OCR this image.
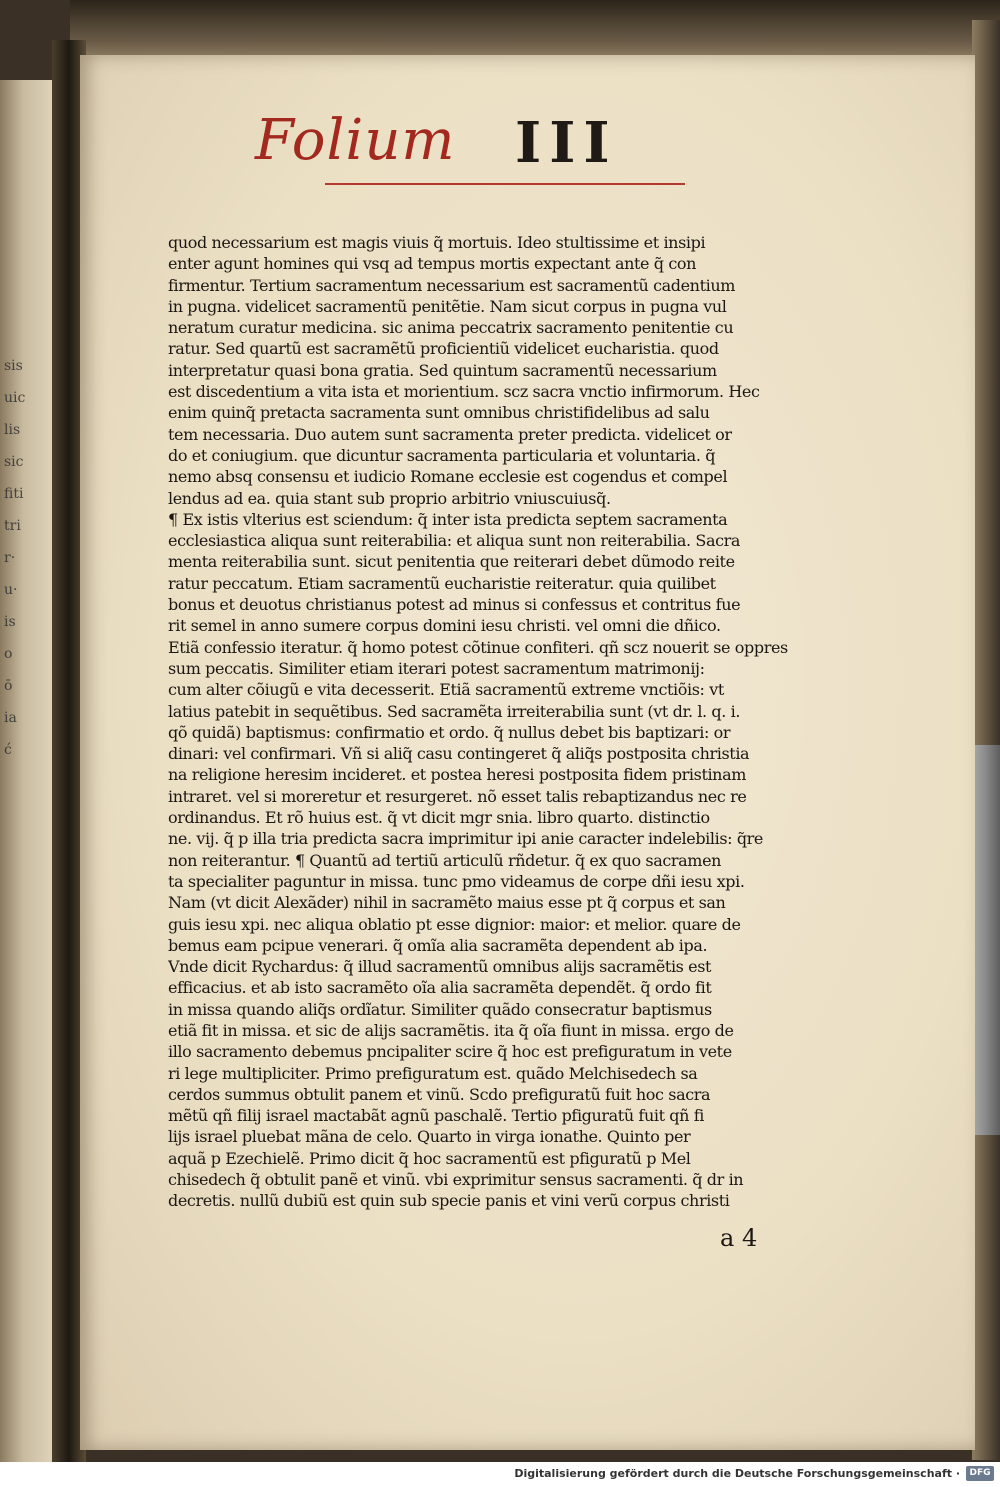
sis
uic
lis
sic
fiti
tri
r·
u·
is
o
ō
ia
ć
Folium III
quod necessarium est magis viuis q̃ mortuis. Ideo stultissime et insipi
enter agunt homines qui vsq ad tempus mortis expectant ante q̃ con
firmentur. Tertium sacramentum necessarium est sacramentũ cadentium
in pugna. videlicet sacramentũ penitẽtie. Nam sicut corpus in pugna vul
neratum curatur medicina. sic anima peccatrix sacramento penitentie cu
ratur. Sed quartũ est sacramẽtũ proficientiũ videlicet eucharistia. quod
interpretatur quasi bona gratia. Sed quintum sacramentũ necessarium
est discedentium a vita ista et morientium. scz sacra vnctio infirmorum. Hec
enim quinq̃ pretacta sacramenta sunt omnibus christifidelibus ad salu
tem necessaria. Duo autem sunt sacramenta preter predicta. videlicet or
do et coniugium. que dicuntur sacramenta particularia et voluntaria. q̃
nemo absq consensu et iudicio Romane ecclesie est cogendus et compel
lendus ad ea. quia stant sub proprio arbitrio vniuscuiusq̃.
¶ Ex istis vlterius est sciendum: q̃ inter ista predicta septem sacramenta
ecclesiastica aliqua sunt reiterabilia: et aliqua sunt non reiterabilia. Sacra
menta reiterabilia sunt. sicut penitentia que reiterari debet dũmodo reite
ratur peccatum. Etiam sacramentũ eucharistie reiteratur. quia quilibet
bonus et deuotus christianus potest ad minus si confessus et contritus fue
rit semel in anno sumere corpus domini iesu christi. vel omni die dñico.
Etiã confessio iteratur. q̃ homo potest cõtinue confiteri. qñ scz nouerit se oppres
sum peccatis. Similiter etiam iterari potest sacramentum matrimonij:
cum alter cõiugũ e vita decesserit. Etiã sacramentũ extreme vnctiõis: vt
latius patebit in sequẽtibus. Sed sacramẽta irreiterabilia sunt (vt dr. l. q. i.
qõ quidã) baptismus: confirmatio et ordo. q̃ nullus debet bis baptizari: or
dinari: vel confirmari. Vñ si aliq̃ casu contingeret q̃ aliq̃s postposita christia
na religione heresim incideret. et postea heresi postposita fidem pristinam
intraret. vel si moreretur et resurgeret. nõ esset talis rebaptizandus nec re
ordinandus. Et rõ huius est. q̃ vt dicit mgr snia. libro quarto. distinctio
ne. vij. q̃ p illa tria predicta sacra imprimitur ipi anie caracter indelebilis: q̃re
non reiterantur. ¶ Quantũ ad tertiũ articulũ rñdetur. q̃ ex quo sacramen
ta specialiter paguntur in missa. tunc pmo videamus de corpe dñi iesu xpi.
Nam (vt dicit Alexãder) nihil in sacramẽto maius esse pt q̃ corpus et san
guis iesu xpi. nec aliqua oblatio pt esse dignior: maior: et melior. quare de
bemus eam pcipue venerari. q̃ omĩa alia sacramẽta dependent ab ipa.
Vnde dicit Rychardus: q̃ illud sacramentũ omnibus alijs sacramẽtis est
efficacius. et ab isto sacramẽto oĩa alia sacramẽta dependẽt. q̃ ordo fit
in missa quando aliq̃s ordĩatur. Similiter quãdo consecratur baptismus
etiã fit in missa. et sic de alijs sacramẽtis. ita q̃ oĩa fiunt in missa. ergo de
illo sacramento debemus pncipaliter scire q̃ hoc est prefiguratum in vete
ri lege multipliciter. Primo prefiguratum est. quãdo Melchisedech sa
cerdos summus obtulit panem et vinũ. Scdo prefiguratũ fuit hoc sacra
mẽtũ qñ filij israel mactabãt agnũ paschalẽ. Tertio pfiguratũ fuit qñ fi
lijs israel pluebat mãna de celo. Quarto in virga ionathe. Quinto per
aquã p Ezechielẽ. Primo dicit q̃ hoc sacramentũ est pfiguratũ p Mel
chisedech q̃ obtulit panẽ et vinũ. vbi exprimitur sensus sacramenti. q̃ dr in
decretis. nullũ dubiũ est quin sub specie panis et vini verũ corpus christi
a 4
Digitalisierung gefördert durch die Deutsche Forschungsgemeinschaft ·	DFG
